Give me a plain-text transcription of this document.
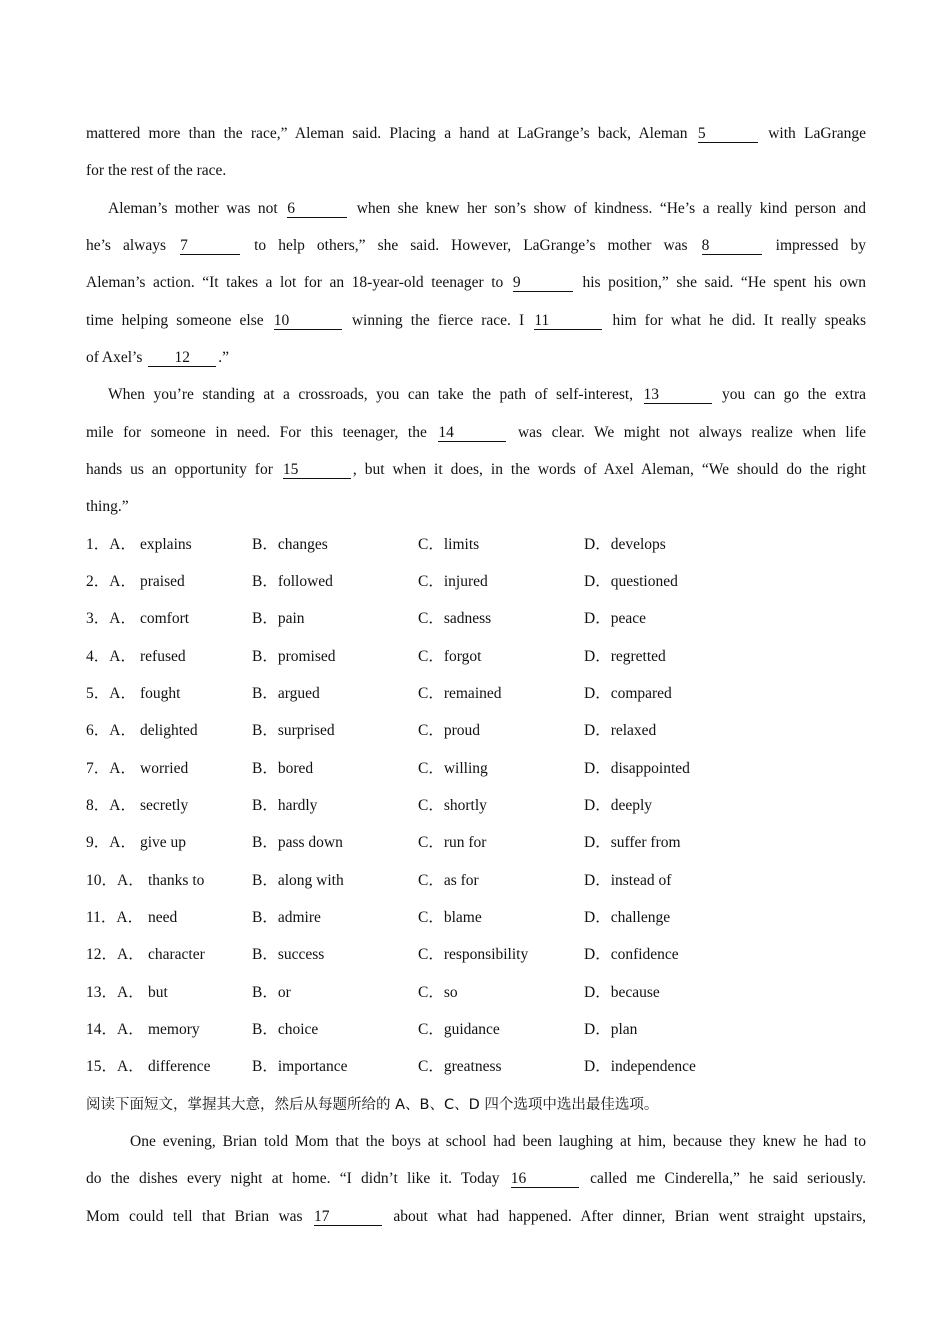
mattered more than the race,” Aleman said. Placing a hand at LaGrange’s back, Aleman 5	with LaGrange
for the rest of the race.
Aleman’s mother was not 6	when she knew her son’s show of kindness. “He’s a really kind person and
he’s always 7	to help others,” she said. However, LaGrange’s mother was 8	impressed by
Aleman’s action. “It takes a lot for an 18-year-old teenager to 9	his position,” she said. “He spent his own
time helping someone else 10	winning the fierce race. I 11	him for what he did. It really speaks
of Axel’s 12 .”
When you’re standing at a crossroads, you can take the path of self-interest, 13	you can go the extra
mile for someone in need. For this teenager, the 14	was clear. We might not always realize when life
hands us an opportunity for 15	, but when it does, in the words of Axel Aleman, “We should do the right
thing.”
1．A． explains	B．changes	C．limits	D．develops
2．A． praised	B．followed	C．injured	D．questioned
3．A． comfort	B．pain	C．sadness	D．peace
4．A． refused	B．promised	C．forgot	D．regretted
5．A． fought	B．argued	C．remained	D．compared
6．A． delighted	B．surprised	C．proud	D．relaxed
7．A． worried	B．bored	C．willing	D．disappointed
8．A． secretly	B．hardly	C．shortly	D．deeply
9．A． give up	B．pass down	C．run for	D．suffer from
10．A． thanks to	B．along with	C．as for	D．instead of
11．A． need	B．admire	C．blame	D．challenge
12．A． character	B．success	C．responsibility	D．confidence
13．A． but	B．or	C．so	D．because
14．A． memory	B．choice	C．guidance	D．plan
15．A． difference	B．importance	C．greatness	D．independence
阅读下面短文，掌握其大意，然后从每题所给的 A、B、C、D 四个选项中选出最佳选项。
One evening, Brian told Mom that the boys at school had been laughing at him, because they knew he had to
do the dishes every night at home. “I didn’t like it. Today 16	called me Cinderella,” he said seriously.
Mom could tell that Brian was 17	about what had happened. After dinner, Brian went straight upstairs,
